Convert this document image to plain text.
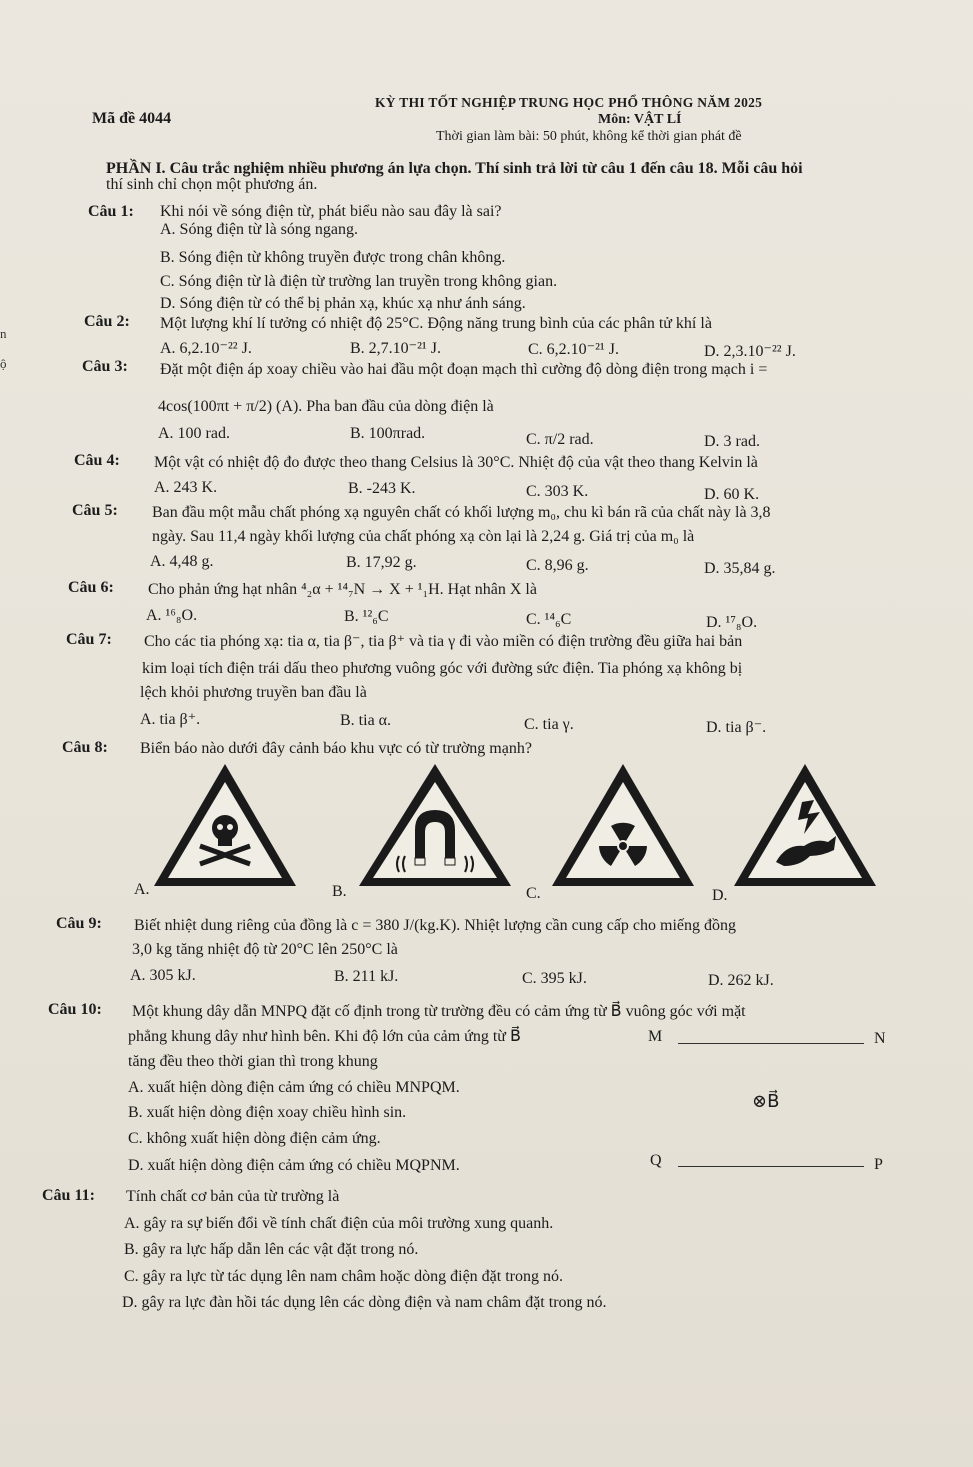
KỲ THI TỐT NGHIỆP TRUNG HỌC PHỔ THÔNG NĂM 2025
Mã đề 4044	Môn: VẬT LÍ
Thời gian làm bài: 50 phút, không kể thời gian phát đề
PHẦN I. Câu trắc nghiệm nhiều phương án lựa chọn. Thí sinh trả lời từ câu 1 đến câu 18. Mỗi câu hỏi
thí sinh chỉ chọn một phương án.
Câu 1: Khi nói về sóng điện từ, phát biểu nào sau đây là sai?
A. Sóng điện từ là sóng ngang.
B. Sóng điện từ không truyền được trong chân không.
C. Sóng điện từ là điện từ trường lan truyền trong không gian.
D. Sóng điện từ có thể bị phản xạ, khúc xạ như ánh sáng.
Câu 2: Một lượng khí lí tưởng có nhiệt độ 25°C. Động năng trung bình của các phân tử khí là
A. 6,2.10⁻²² J.	B. 2,7.10⁻²¹ J.	C. 6,2.10⁻²¹ J.	D. 2,3.10⁻²² J.
Câu 3: Đặt một điện áp xoay chiều vào hai đầu một đoạn mạch thì cường độ dòng điện trong mạch i =
4cos(100πt + π/2) (A). Pha ban đầu của dòng điện là
A. 100 rad.	B. 100πrad.	C. π/2 rad.	D. 3 rad.
Câu 4: Một vật có nhiệt độ đo được theo thang Celsius là 30°C. Nhiệt độ của vật theo thang Kelvin là
A. 243 K.	B. -243 K.	C. 303 K.	D. 60 K.
Câu 5: Ban đầu một mẫu chất phóng xạ nguyên chất có khối lượng m₀, chu kì bán rã của chất này là 3,8
ngày. Sau 11,4 ngày khối lượng của chất phóng xạ còn lại là 2,24 g. Giá trị của m₀ là
A. 4,48 g.	B. 17,92 g.	C. 8,96 g.	D. 35,84 g.
Câu 6: Cho phản ứng hạt nhân ⁴₂α + ¹⁴₇N → X + ¹₁H. Hạt nhân X là
A. ¹⁶₈O.	B. ¹²₆C	C. ¹⁴₆C	D. ¹⁷₈O.
Câu 7: Cho các tia phóng xạ: tia α, tia β⁻, tia β⁺ và tia γ đi vào miền có điện trường đều giữa hai bản
kim loại tích điện trái dấu theo phương vuông góc với đường sức điện. Tia phóng xạ không bị
lệch khỏi phương truyền ban đầu là
A. tia β⁺.	B. tia α.	C. tia γ.	D. tia β⁻.
Câu 8: Biển báo nào dưới đây cảnh báo khu vực có từ trường mạnh?
A.	B.	C.	D.
Câu 9: Biết nhiệt dung riêng của đồng là c = 380 J/(kg.K). Nhiệt lượng cần cung cấp cho miếng đồng
3,0 kg tăng nhiệt độ từ 20°C lên 250°C là
A. 305 kJ.	B. 211 kJ.	C. 395 kJ.	D. 262 kJ.
Câu 10: Một khung dây dẫn MNPQ đặt cố định trong từ trường đều có cảm ứng từ B⃗ vuông góc với mặt
phẳng khung dây như hình bên. Khi độ lớn của cảm ứng từ B⃗
tăng đều theo thời gian thì trong khung
A. xuất hiện dòng điện cảm ứng có chiều MNPQM.
B. xuất hiện dòng điện xoay chiều hình sin.
C. không xuất hiện dòng điện cảm ứng.
D. xuất hiện dòng điện cảm ứng có chiều MQPNM.
M	N
Q	P
⊗B⃗
Câu 11: Tính chất cơ bản của từ trường là
A. gây ra sự biến đổi về tính chất điện của môi trường xung quanh.
B. gây ra lực hấp dẫn lên các vật đặt trong nó.
C. gây ra lực từ tác dụng lên nam châm hoặc dòng điện đặt trong nó.
D. gây ra lực đàn hồi tác dụng lên các dòng điện và nam châm đặt trong nó.
n
ộ
